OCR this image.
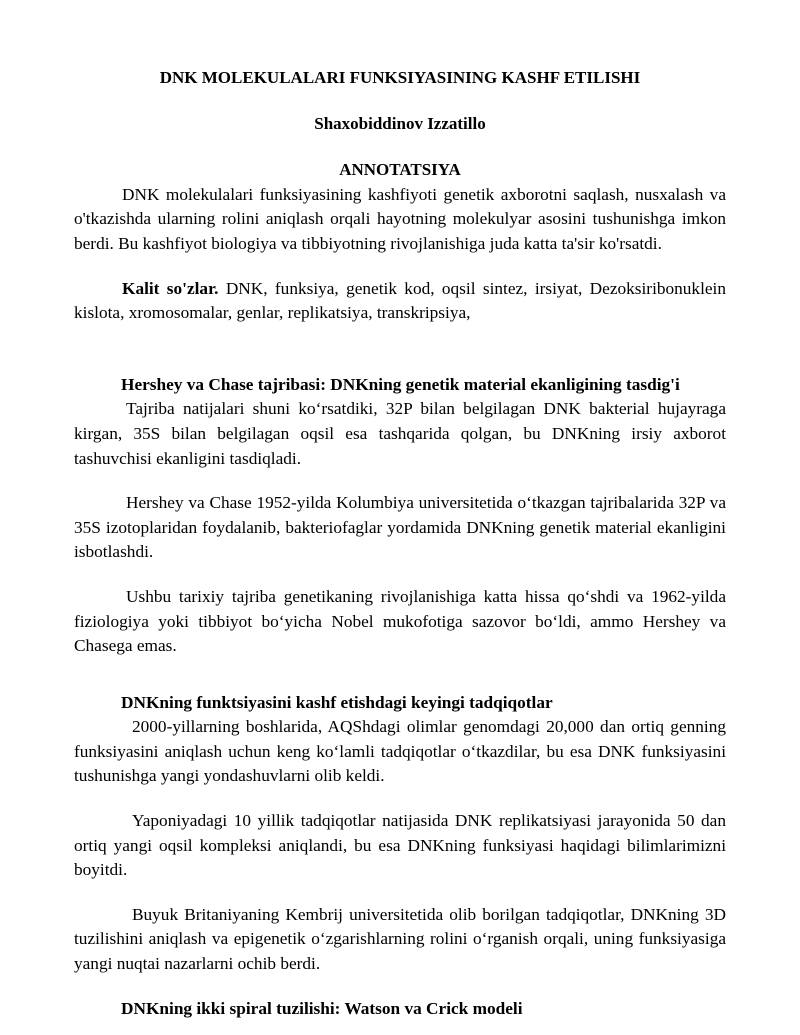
DNK MOLEKULALARI FUNKSIYASINING KASHF ETILISHI

Shaxobiddinov Izzatillo

ANNOTATSIYA

DNK molekulalari funksiyasining kashfiyoti genetik axborotni saqlash, nusxalash va o'tkazishda ularning rolini aniqlash orqali hayotning molekulyar asosini tushunishga imkon berdi. Bu kashfiyot biologiya va tibbiyotning rivojlanishiga juda katta ta'sir ko'rsatdi.

Kalit so'zlar. DNK, funksiya, genetik kod, oqsil sintez, irsiyat, Dezoksiribonuklein kislota, xromosomalar, genlar, replikatsiya, transkripsiya,

Hershey va Chase tajribasi: DNKning genetik material ekanligining tasdig'i

Tajriba natijalari shuni koʻrsatdiki, 32P bilan belgilagan DNK bakterial hujayraga kirgan, 35S bilan belgilagan oqsil esa tashqarida qolgan, bu DNKning irsiy axborot tashuvchisi ekanligini tasdiqladi.

Hershey va Chase 1952-yilda Kolumbiya universitetida oʻtkazgan tajribalarida 32P va 35S izotoplaridan foydalanib, bakteriofaglar yordamida DNKning genetik material ekanligini isbotlashdi.

Ushbu tarixiy tajriba genetikaning rivojlanishiga katta hissa qoʻshdi va 1962-yilda fiziologiya yoki tibbiyot boʻyicha Nobel mukofotiga sazovor boʻldi, ammo Hershey va Chasega emas.

DNKning funktsiyasini kashf etishdagi keyingi tadqiqotlar

2000-yillarning boshlarida, AQShdagi olimlar genomdagi 20,000 dan ortiq genning funksiyasini aniqlash uchun keng koʻlamli tadqiqotlar oʻtkazdilar, bu esa DNK funksiyasini tushunishga yangi yondashuvlarni olib keldi.

Yaponiyadagi 10 yillik tadqiqotlar natijasida DNK replikatsiyasi jarayonida 50 dan ortiq yangi oqsil kompleksi aniqlandi, bu esa DNKning funksiyasi haqidagi bilimlarimizni boyitdi.

Buyuk Britaniyaning Kembrij universitetida olib borilgan tadqiqotlar, DNKning 3D tuzilishini aniqlash va epigenetik oʻzgarishlarning rolini oʻrganish orqali, uning funksiyasiga yangi nuqtai nazarlarni ochib berdi.

DNKning ikki spiral tuzilishi: Watson va Crick modeli
